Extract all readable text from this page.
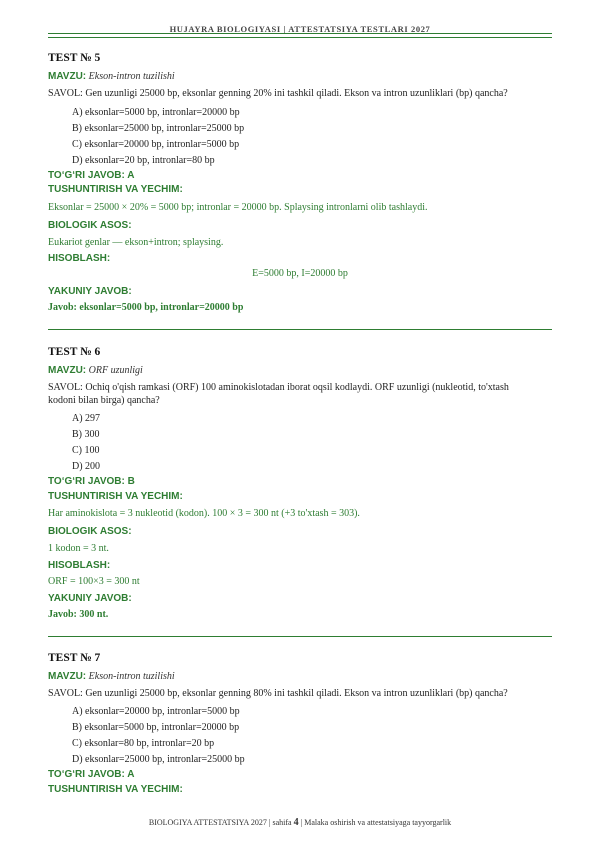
HUJAYRA BIOLOGIYASI | ATTESTATSIYA TESTLARI 2027
TEST № 5
MAVZU: Ekson-intron tuzilishi
SAVOL: Gen uzunligi 25000 bp, eksonlar genning 20% ini tashkil qiladi. Ekson va intron uzunliklari (bp) qancha?
A) eksonlar=5000 bp, intronlar=20000 bp
B) eksonlar=25000 bp, intronlar=25000 bp
C) eksonlar=20000 bp, intronlar=5000 bp
D) eksonlar=20 bp, intronlar=80 bp
TO‘G‘RI JAVOB: A
TUSHUNTIRISH VA YECHIM:
Eksonlar = 25000 × 20% = 5000 bp; intronlar = 20000 bp. Splaysing intronlarni olib tashlaydi.
BIOLOGIK ASOS:
Eukariot genlar — ekson+intron; splaysing.
HISOBLASH:
E=5000 bp, I=20000 bp
YAKUNIY JAVOB:
Javob: eksonlar=5000 bp, intronlar=20000 bp
TEST № 6
MAVZU: ORF uzunligi
SAVOL: Ochiq o'qish ramkasi (ORF) 100 aminokislotadan iborat oqsil kodlaydi. ORF uzunligi (nukleotid, to'xtash
kodoni bilan birga) qancha?
A) 297
B) 300
C) 100
D) 200
TO‘G‘RI JAVOB: B
TUSHUNTIRISH VA YECHIM:
Har aminokislota = 3 nukleotid (kodon). 100 × 3 = 300 nt (+3 to'xtash = 303).
BIOLOGIK ASOS:
1 kodon = 3 nt.
HISOBLASH:
ORF = 100×3 = 300 nt
YAKUNIY JAVOB:
Javob: 300 nt.
TEST № 7
MAVZU: Ekson-intron tuzilishi
SAVOL: Gen uzunligi 25000 bp, eksonlar genning 80% ini tashkil qiladi. Ekson va intron uzunliklari (bp) qancha?
A) eksonlar=20000 bp, intronlar=5000 bp
B) eksonlar=5000 bp, intronlar=20000 bp
C) eksonlar=80 bp, intronlar=20 bp
D) eksonlar=25000 bp, intronlar=25000 bp
TO‘G‘RI JAVOB: A
TUSHUNTIRISH VA YECHIM:
BIOLOGIYA ATTESTATSIYA 2027 | sahifa 4 | Malaka oshirish va attestatsiyaga tayyorgarlik
